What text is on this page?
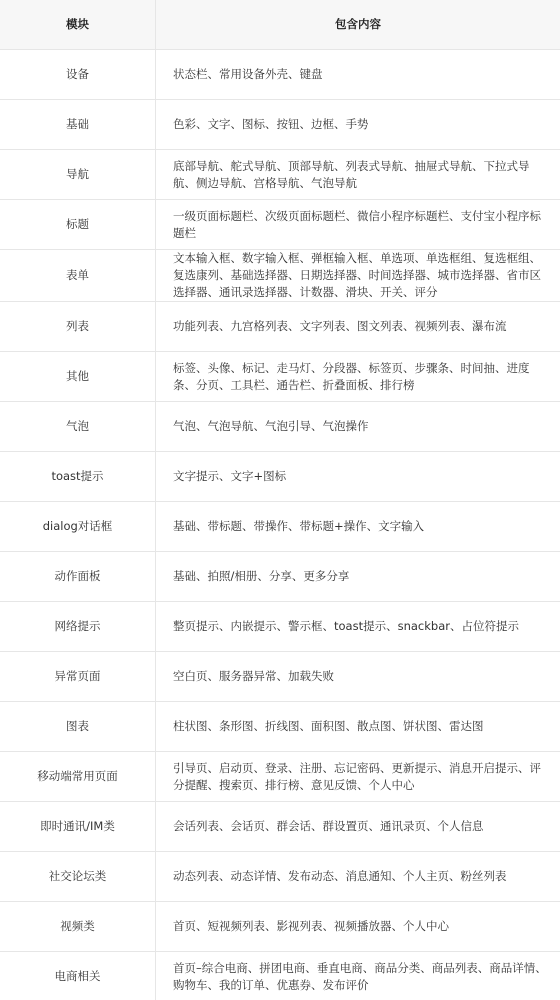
模块	包含内容
设备	状态栏、常用设备外壳、键盘
基础	色彩、文字、图标、按钮、边框、手势
导航	底部导航、舵式导航、顶部导航、列表式导航、抽屉式导航、下拉式导航、侧边导航、宫格导航、气泡导航
标题	一级页面标题栏、次级页面标题栏、微信小程序标题栏、支付宝小程序标题栏
表单	文本输入框、数字输入框、弹框输入框、单选项、单选框组、复选框组、复选康列、基础选择器、日期选择器、时间选择器、城市选择器、省市区选择器、通讯录选择器、计数器、滑块、开关、评分
列表	功能列表、九宫格列表、文字列表、图文列表、视频列表、瀑布流
其他	标签、头像、标记、走马灯、分段器、标签页、步骤条、时间抽、进度条、分页、工具栏、通告栏、折叠面板、排行榜
气泡	气泡、气泡导航、气泡引导、气泡操作
toast提示	文字提示、文字+图标
dialog对话框	基础、带标题、带操作、带标题+操作、文字输入
动作面板	基础、拍照/相册、分享、更多分享
网络提示	整页提示、内嵌提示、警示框、toast提示、snackbar、占位符提示
异常页面	空白页、服务器异常、加载失败
图表	柱状图、条形图、折线图、面积图、散点图、饼状图、雷达图
移动端常用页面	引导页、启动页、登录、注册、忘记密码、更新提示、消息开启提示、评分提醒、搜索页、排行榜、意见反馈、个人中心
即时通讯/IM类	会话列表、会话页、群会话、群设置页、通讯录页、个人信息
社交论坛类	动态列表、动态详情、发布动态、消息通知、个人主页、粉丝列表
视频类	首页、短视频列表、影视列表、视频播放器、个人中心
电商相关	首页–综合电商、拼团电商、垂直电商、商品分类、商品列表、商品详情、购物车、我的订单、优惠券、发布评价
